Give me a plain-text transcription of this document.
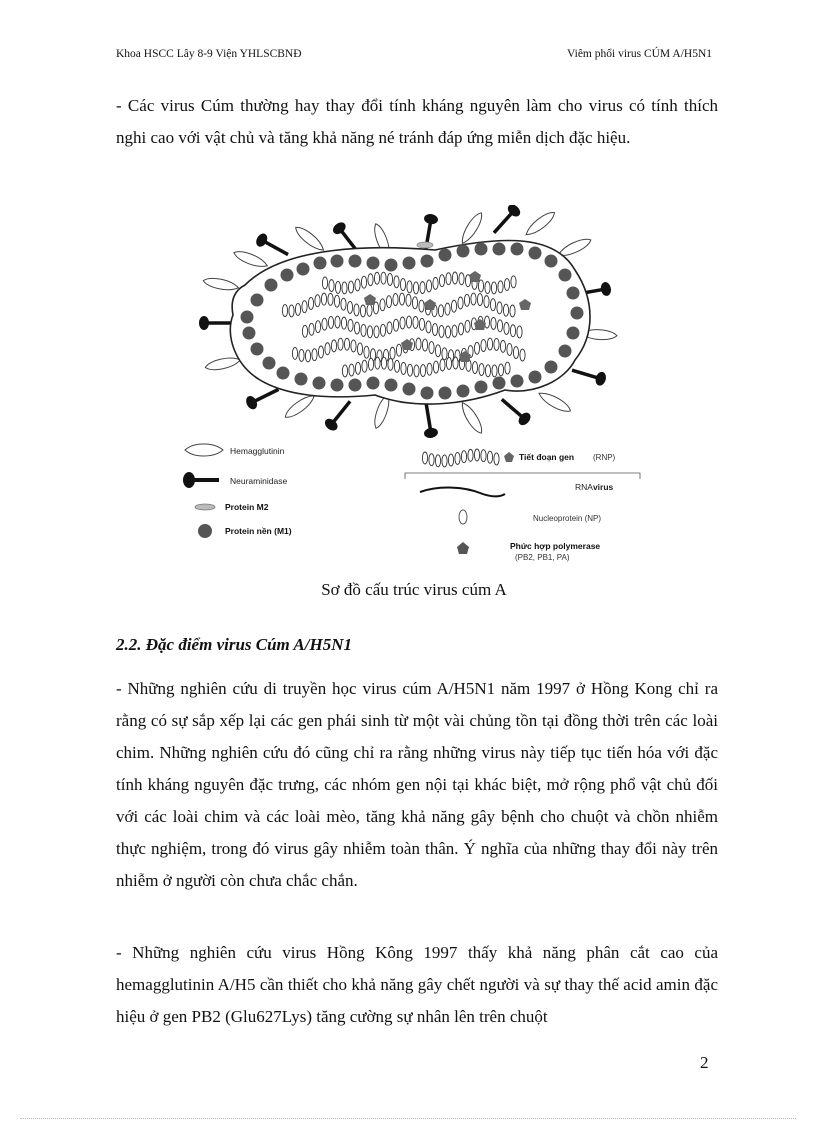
Khoa HSCC Lây 8-9 Viện YHLSCBNĐ	Viêm phổi virus CÚM A/H5N1
- Các virus Cúm thường hay thay đổi tính kháng nguyên làm cho virus có tính thích nghi cao với vật chủ và tăng khả năng né tránh đáp ứng miễn dịch đặc hiệu.
Hemagglutinin
Neuraminidase
Protein M2
Protein nền (M1)
Tiết đoạn gen (RNP)
RNAvirus
Nucleoprotein (NP)
Phức hợp polymerase
(PB2, PB1, PA)
Sơ đồ cấu trúc virus cúm A
2.2. Đặc điểm virus Cúm A/H5N1
- Những nghiên cứu di truyền học virus cúm A/H5N1 năm 1997 ở Hồng Kong chỉ ra rằng có sự sắp xếp lại các gen phái sinh từ một vài chủng tồn tại đồng thời trên các loài chim. Những nghiên cứu đó cũng chỉ ra rằng những virus này tiếp tục tiến hóa với đặc tính kháng nguyên đặc trưng, các nhóm gen nội tại khác biệt, mở rộng phổ vật chủ đối với các loài chim và các loài mèo, tăng khả năng gây bệnh cho chuột và chồn nhiễm thực nghiệm, trong đó virus gây nhiễm toàn thân. Ý nghĩa của những thay đổi này trên nhiễm ở người còn chưa chắc chắn.
- Những nghiên cứu virus Hồng Kông 1997 thấy khả năng phân cắt cao của hemagglutinin A/H5 cần thiết cho khả năng gây chết người và sự thay thế acid amin đặc hiệu ở gen PB2 (Glu627Lys) tăng cường sự nhân lên trên chuột
2
